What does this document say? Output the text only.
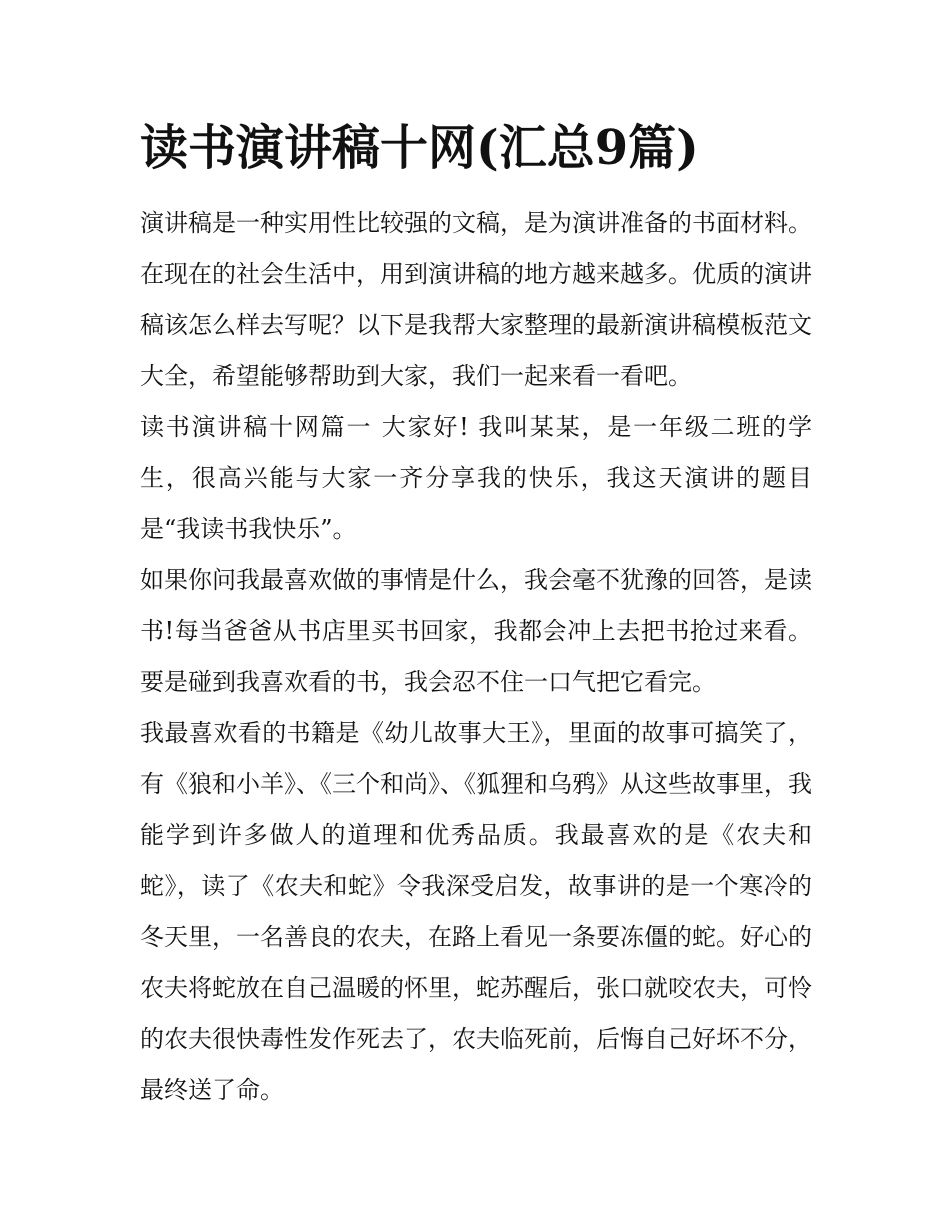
读书演讲稿十网(汇总9篇)

演讲稿是一种实用性比较强的文稿，是为演讲准备的书面材料。在现在的社会生活中，用到演讲稿的地方越来越多。优质的演讲稿该怎么样去写呢？以下是我帮大家整理的最新演讲稿模板范文大全，希望能够帮助到大家，我们一起来看一看吧。

读书演讲稿十网篇一 大家好! 我叫某某，是一年级二班的学生，很高兴能与大家一齐分享我的快乐，我这天演讲的题目是“我读书我快乐”。

如果你问我最喜欢做的事情是什么，我会毫不犹豫的回答，是读书!每当爸爸从书店里买书回家，我都会冲上去把书抢过来看。要是碰到我喜欢看的书，我会忍不住一口气把它看完。

我最喜欢看的书籍是《幼儿故事大王》，里面的故事可搞笑了，有《狼和小羊》、《三个和尚》、《狐狸和乌鸦》从这些故事里，我能学到许多做人的道理和优秀品质。我最喜欢的是《农夫和蛇》，读了《农夫和蛇》令我深受启发，故事讲的是一个寒冷的冬天里，一名善良的农夫，在路上看见一条要冻僵的蛇。好心的农夫将蛇放在自己温暖的怀里，蛇苏醒后，张口就咬农夫，可怜的农夫很快毒性发作死去了，农夫临死前，后悔自己好坏不分，最终送了命。
